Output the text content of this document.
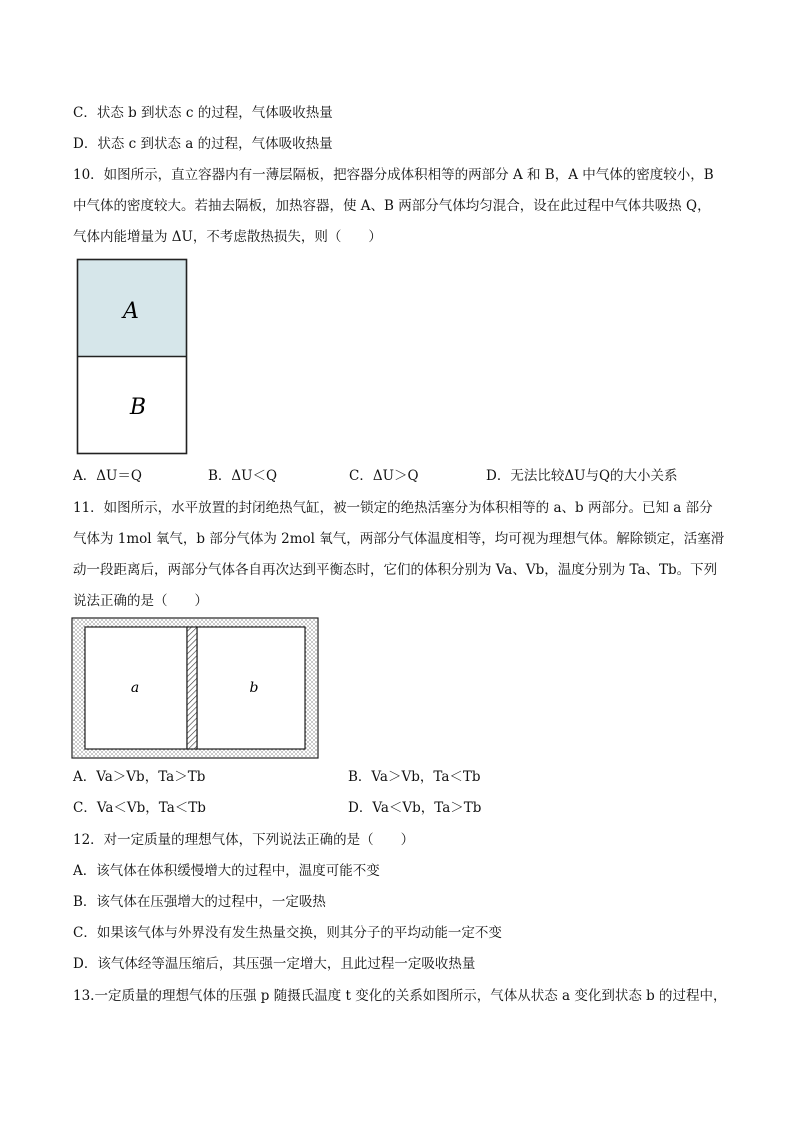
C．状态 b 到状态 c 的过程，气体吸收热量
D．状态 c 到状态 a 的过程，气体吸收热量
10．如图所示，直立容器内有一薄层隔板，把容器分成体积相等的两部分 A 和 B，A 中气体的密度较小，B
中气体的密度较大。若抽去隔板，加热容器，使 A、B 两部分气体均匀混合，设在此过程中气体共吸热 Q，
气体内能增量为 ΔU，不考虑散热损失，则（　　）
A
B
A．ΔU＝Q	B．ΔU＜Q	C．ΔU＞Q	D．无法比较ΔU与Q的大小关系
11．如图所示，水平放置的封闭绝热气缸，被一锁定的绝热活塞分为体积相等的 a、b 两部分。已知 a 部分
气体为 1mol 氧气，b 部分气体为 2mol 氧气，两部分气体温度相等，均可视为理想气体。解除锁定，活塞滑
动一段距离后，两部分气体各自再次达到平衡态时，它们的体积分别为 Va、Vb，温度分别为 Ta、Tb。下列
说法正确的是（　　）
a	b
A．Va＞Vb，Ta＞Tb	B．Va＞Vb，Ta＜Tb
C．Va＜Vb，Ta＜Tb	D．Va＜Vb，Ta＞Tb
12．对一定质量的理想气体，下列说法正确的是（　　）
A．该气体在体积缓慢增大的过程中，温度可能不变
B．该气体在压强增大的过程中，一定吸热
C．如果该气体与外界没有发生热量交换，则其分子的平均动能一定不变
D．该气体经等温压缩后，其压强一定增大，且此过程一定吸收热量
13.一定质量的理想气体的压强 p 随摄氏温度 t 变化的关系如图所示，气体从状态 a 变化到状态 b 的过程中，
